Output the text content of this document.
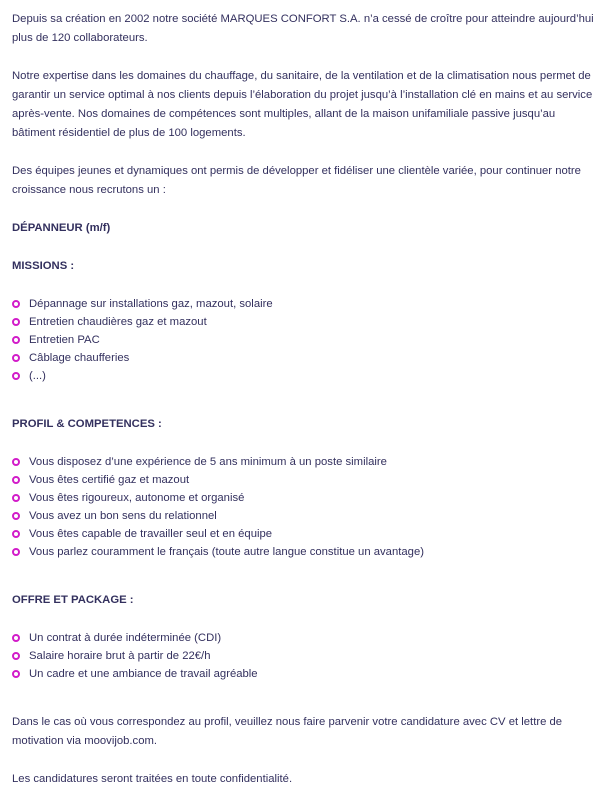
Depuis sa création en 2002 notre société MARQUES CONFORT S.A. n’a cessé de croître pour atteindre aujourd’hui plus de 120 collaborateurs.

Notre expertise dans les domaines du chauffage, du sanitaire, de la ventilation et de la climatisation nous permet de garantir un service optimal à nos clients depuis l’élaboration du projet jusqu’à l’installation clé en mains et au service après-vente. Nos domaines de compétences sont multiples, allant de la maison unifamiliale passive jusqu’au bâtiment résidentiel de plus de 100 logements.

Des équipes jeunes et dynamiques ont permis de développer et fidéliser une clientèle variée, pour continuer notre croissance nous recrutons un :

DÉPANNEUR (m/f)

MISSIONS :

Dépannage sur installations gaz, mazout, solaire
Entretien chaudières gaz et mazout
Entretien PAC
Câblage chaufferies
(...)

PROFIL & COMPETENCES :

Vous disposez d’une expérience de 5 ans minimum à un poste similaire
Vous êtes certifié gaz et mazout
Vous êtes rigoureux, autonome et organisé
Vous avez un bon sens du relationnel
Vous êtes capable de travailler seul et en équipe
Vous parlez couramment le français (toute autre langue constitue un avantage)

OFFRE ET PACKAGE :

Un contrat à durée indéterminée (CDI)
Salaire horaire brut à partir de 22€/h
Un cadre et une ambiance de travail agréable

Dans le cas où vous correspondez au profil, veuillez nous faire parvenir votre candidature avec CV et lettre de motivation via moovijob.com.

Les candidatures seront traitées en toute confidentialité.
